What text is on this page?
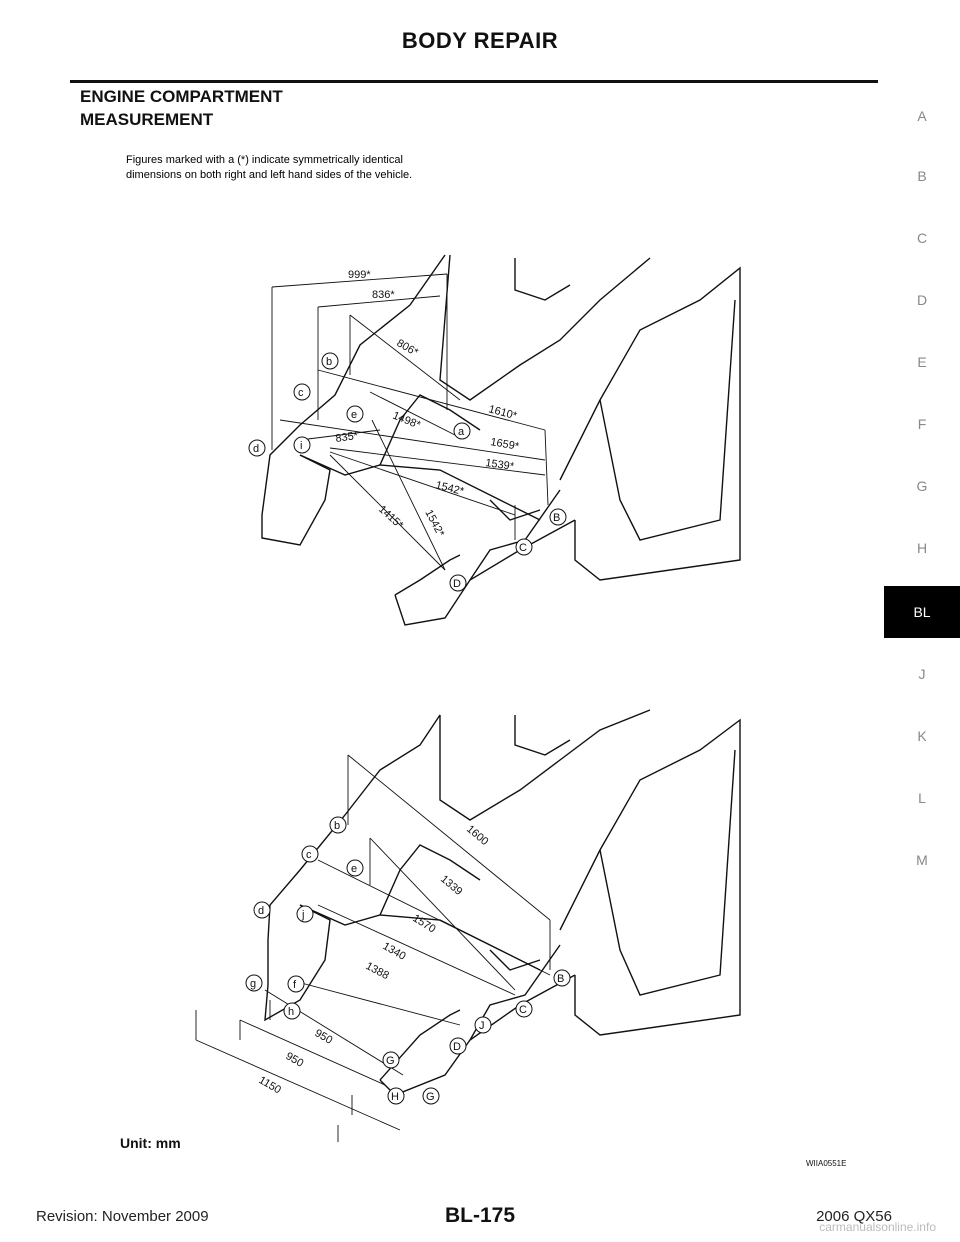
BODY REPAIR
ENGINE COMPARTMENT
MEASUREMENT	A
B
C
D
E
F
G
H
BL
J
K
L
M
Figures marked with a (*) indicate symmetrically identical
dimensions on both right and left hand sides of the vehicle.
999*
836*
806*
1610*
1498*
1659*
835*
1539*
1542*
1415* 1542*
b
c
e
a
d	i
B
C
D
1600
1339
1570
1340
1388
950
950
1150
b
c
e
d	j
g	f
h
B
C
J
D
G
H G
Unit: mm
WIIA0551E
Revision: November 2009	BL-175	2006 QX56
carmanualsonline.info
